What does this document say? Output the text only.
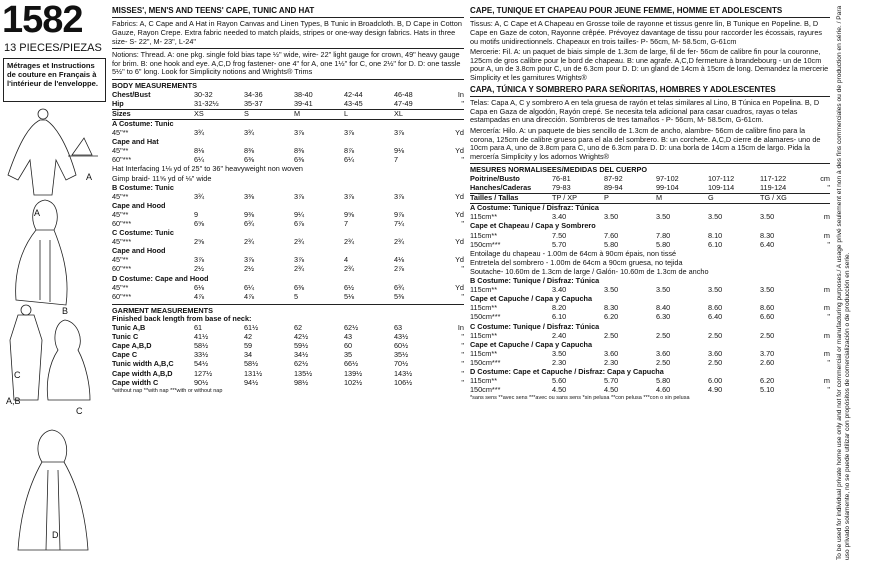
1582
13 PIECES/PIEZAS
Métrages et Instructions de couture en Français à l'intérieur de l'enveloppe.
A
A
B
C
A,B
C
D
MISSES', MEN'S AND TEENS' CAPE, TUNIC AND HAT

Fabrics: A, C Cape and A Hat in Rayon Canvas and Linen Types, B Tunic in Broadcloth. B, D Cape in Cotton Gauze, Rayon Crepe. Extra fabric needed to match plaids, stripes or one-way design fabrics. Hats in three size- S- 22", M- 23", L-24"

Notions: Thread. A: one pkg. single fold bias tape ½" wide, wire- 22" light gauge for crown, 49" heavy gauge for brim. B: one hook and eye. A,C,D frog fastener- one 4" for A, one 1½" for C, one 2½" for D. D: one tassle 5½" to 6" long. Look for Simplicity notions and Wrights® Trims

BODY MEASUREMENTS
Chest/Bust	30-32	34-36	38-40	42-44	46-48	In
Hip	31-32½	35-37	39-41	43-45	47-49	"
Sizes	XS	S	M	L	XL	
A Costume: Tunic						
45"**	3¾	3¾	3⅞	3⅞	3⅞	Yd
Cape and Hat						
45"**	8⅛	8⅜	8⅜	8⅞	9⅛	Yd
60"***	6¼	6⅜	6⅜	6¼	7	"
Hat Interfacing 1⅛ yd of 25" to 36" heavyweight non woven						
Gimp braid- 11⅝ yd of ⅛" wide						
B Costume: Tunic						
45"**	3¾	3⅜	3⅞	3⅞	3⅞	Yd
Cape and Hood						
45"**	9	9⅜	9¼	9⅝	9⅞	Yd
60"***	6⅝	6¾	6⅞	7	7¼	"
C Costume: Tunic						
45"***	2⅝	2¾	2¾	2¾	2¾	Yd
Cape and Hood						
45"**	3⅞	3⅞	3⅞	4	4⅛	Yd
60"***	2½	2½	2¾	2¾	2⅞	"
D Costume: Cape and Hood						
45"**	6⅛	6¼	6⅜	6½	6¾	Yd
60"***	4⅞	4⅞	5	5⅛	5⅜	"
GARMENT MEASUREMENTS
Finished back length from base of neck:
Tunic A,B	61	61½	62	62½	63	In
Tunic C	41½	42	42½	43	43½	"
Cape A,B,D	58½	59	59½	60	60½	"
Cape C	33½	34	34½	35	35½	"
Tunic width A,B,C	54½	58½	62½	66½	70½	"
Cape width A,B,D	127½	131½	135½	139½	143½	"
Cape width C	90½	94½	98½	102½	106½	"
*without nap **with nap ***with or without nap
CAPE, TUNIQUE ET CHAPEAU POUR JEUNE FEMME, HOMME ET ADOLESCENTS

Tissus: A, C Cape et A Chapeau en Grosse toile de rayonne et tissus genre lin, B Tunique en Popeline. B, D Cape en Gaze de coton, Rayonne crêpée. Prévoyez davantage de tissu pour raccorder les écossais, rayures ou motifs unidirectionnels. Chapeaux en trois tailles- P- 56cm, M- 58.5cm, G-61cm

Mercerie: Fil. A: un paquet de biais simple de 1.3cm de large, fil de fer- 56cm de calibre fin pour la couronne, 125cm de gros calibre pour le bord de chapeau. B: une agrafe. A,C,D fermeture à brandebourg - un de 10cm pour A, un de 3.8cm pour C, un de 6.3cm pour D. D: un gland de 14cm à 15cm de long. Demandez la mercerie Simplicity et les garnitures Wrights®

CAPA, TÚNICA Y SOMBRERO PARA SEÑORITAS, HOMBRES Y ADOLESCENTES

Telas: Capa A, C y sombrero A en tela gruesa de rayón et telas similares al Lino, B Túnica en Popelina. B, D Capa en Gaza de algodón, Rayón crepé. Se necesita tela adicional para casar cuadros, rayas o telas estampadas en una dirección. Sombreros de tres tamaños - P- 56cm, M- 58.5cm, G-61cm.

Mercería: Hilo. A: un paquete de bies sencillo de 1.3cm de ancho, alambre- 56cm de calibre fino para la corona, 125cm de calibre grueso para el ala del sombrero. B: un corchete. A,C,D cierre de alamares- uno de 10cm para A, uno de 3.8cm para C, uno de 6.3cm para D. D: una borla de 14cm a 15cm de largo. Pida la mercería Simplicity y los adornos Wrights®

MESURES NORMALISEES/MEDIDAS DEL CUERPO
Poitrine/Busto	76-81	87-92	97-102	107-112	117-122	cm
Hanches/Caderas	79-83	89-94	99-104	109-114	119-124	"
Tailles / Tallas	TP / XP	P	M	G	TG / XG	
A Costume: Tunique / Disfraz: Túnica						
115cm**	3.40	3.50	3.50	3.50	3.50	m
Cape et Chapeau / Capa y Sombrero						
115cm**	7.50	7.60	7.80	8.10	8.30	m
150cm***	5.70	5.80	5.80	6.10	6.40	"
Entoilage du chapeau - 1.00m de 64cm à 90cm épais, non tissé						
Entretela del sombrero - 1.00m de 64cm a 90cm gruesa, no tejida						
Soutache- 10.60m de 1.3cm de large / Galón- 10.60m de 1.3cm de ancho						
B Costume: Tunique / Disfraz: Túnica						
115cm**	3.40	3.50	3.50	3.50	3.50	m
Cape et Capuche / Capa y Capucha						
115cm**	8.20	8.30	8.40	8.60	8.60	m
150cm***	6.10	6.20	6.30	6.40	6.60	"
C Costume: Tunique / Disfraz: Túnica						
115cm**	2.40	2.50	2.50	2.50	2.50	m
Cape et Capuche / Capa y Capucha						
115cm**	3.50	3.60	3.60	3.60	3.70	m
150cm***	2.30	2.30	2.50	2.50	2.60	"
D Costume: Cape et Capuche / Disfraz: Capa y Capucha						
115cm**	5.60	5.70	5.80	6.00	6.20	m
150cm***	4.50	4.50	4.60	4.90	5.10	"
*sans sens **avec sens ***avec ou sans sens *sin pelusa **con pelusa ***con o sin pelusa	To be used for individual private home use only and not for commercial or manufacturing purposes./ A usage privé seulement et non à des fins commerciales ou de production en série. / Para uso privado solamente, no se puede utilizar con propósitos de comercialización o de producción en serie.
